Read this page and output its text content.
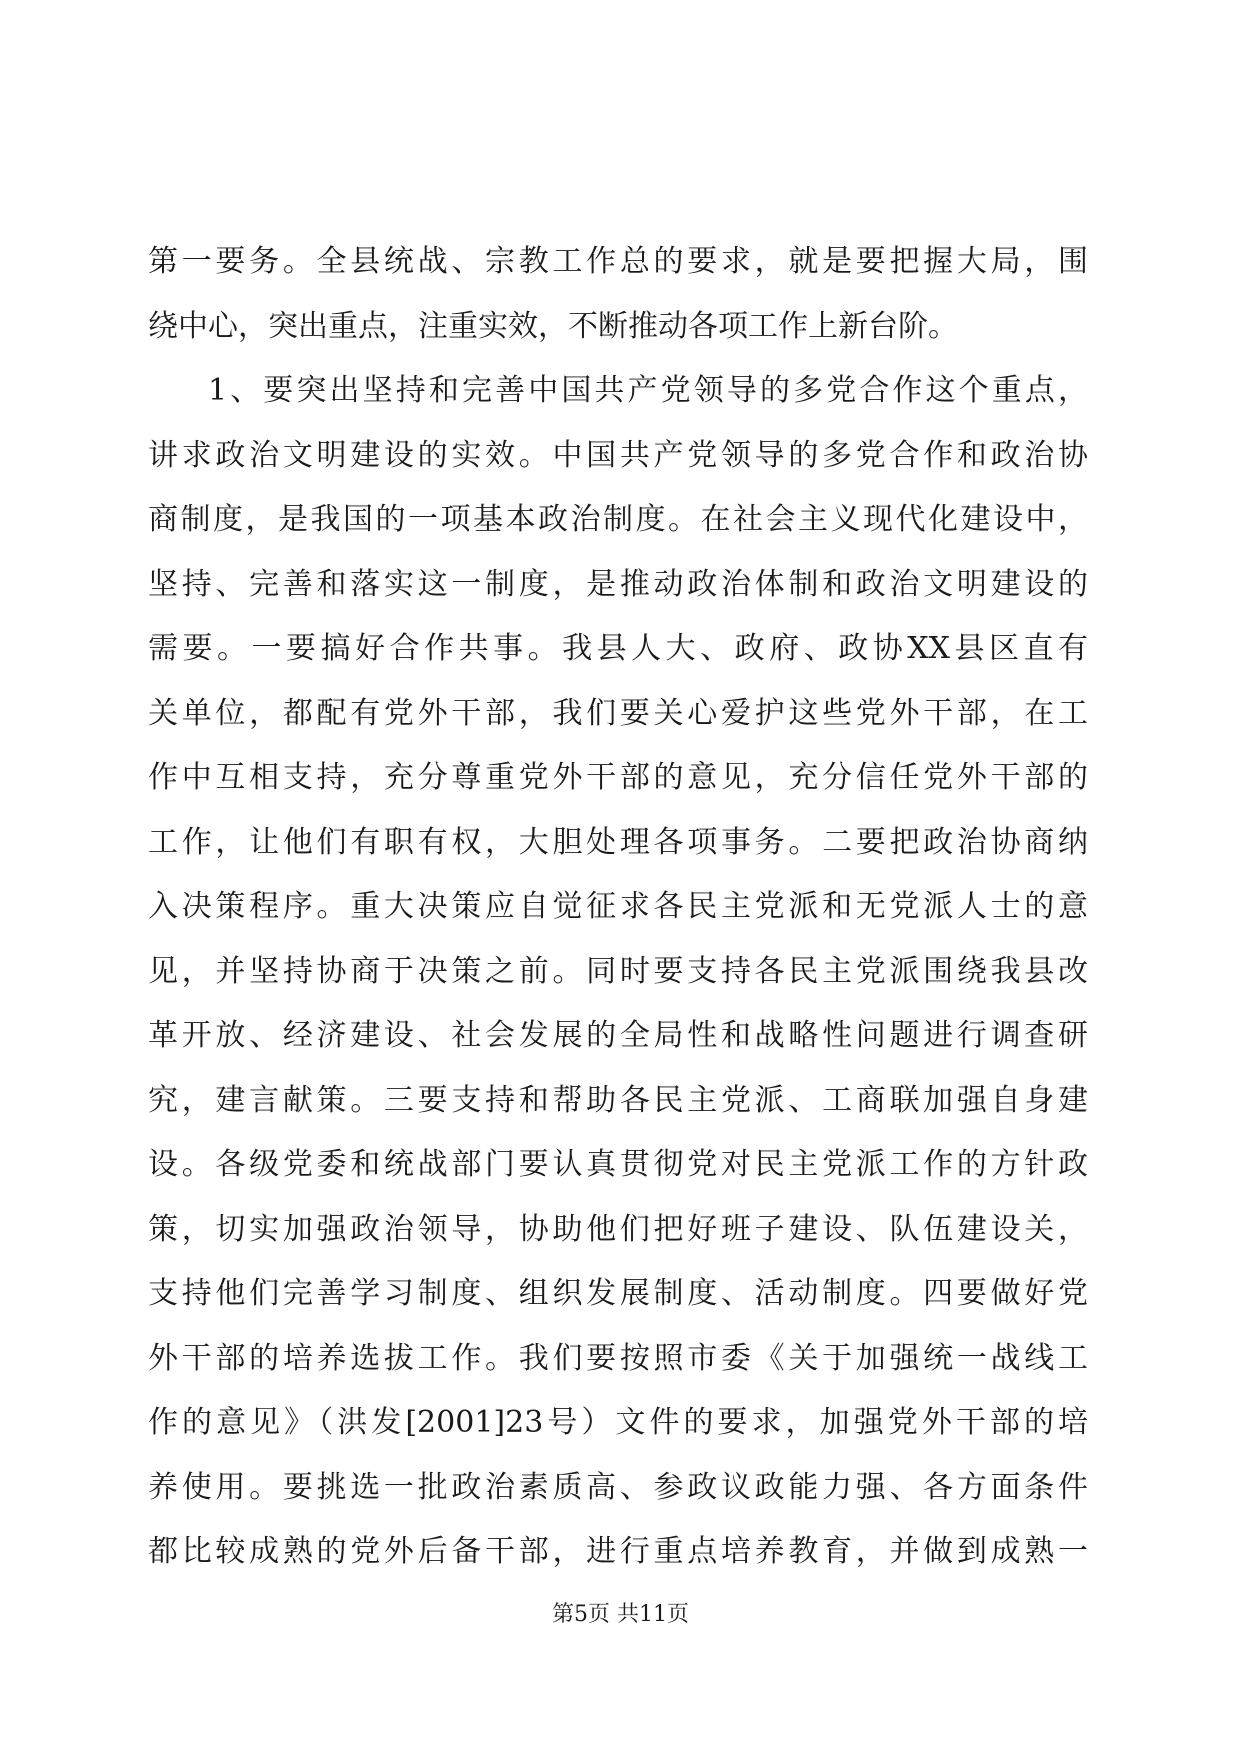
第一要务。全县统战、宗教工作总的要求，就是要把握大局，围
绕中心，突出重点，注重实效，不断推动各项工作上新台阶。
1、要突出坚持和完善中国共产党领导的多党合作这个重点，
讲求政治文明建设的实效。中国共产党领导的多党合作和政治协
商制度，是我国的一项基本政治制度。在社会主义现代化建设中，
坚持、完善和落实这一制度，是推动政治体制和政治文明建设的
需要。一要搞好合作共事。我县人大、政府、政协XX县区直有
关单位，都配有党外干部，我们要关心爱护这些党外干部，在工
作中互相支持，充分尊重党外干部的意见，充分信任党外干部的
工作，让他们有职有权，大胆处理各项事务。二要把政治协商纳
入决策程序。重大决策应自觉征求各民主党派和无党派人士的意
见，并坚持协商于决策之前。同时要支持各民主党派围绕我县改
革开放、经济建设、社会发展的全局性和战略性问题进行调查研
究，建言献策。三要支持和帮助各民主党派、工商联加强自身建
设。各级党委和统战部门要认真贯彻党对民主党派工作的方针政
策，切实加强政治领导，协助他们把好班子建设、队伍建设关，
支持他们完善学习制度、组织发展制度、活动制度。四要做好党
外干部的培养选拔工作。我们要按照市委《关于加强统一战线工
作的意见》（洪发[2001]23号）文件的要求，加强党外干部的培
养使用。要挑选一批政治素质高、参政议政能力强、各方面条件
都比较成熟的党外后备干部，进行重点培养教育，并做到成熟一
第5页 共11页
